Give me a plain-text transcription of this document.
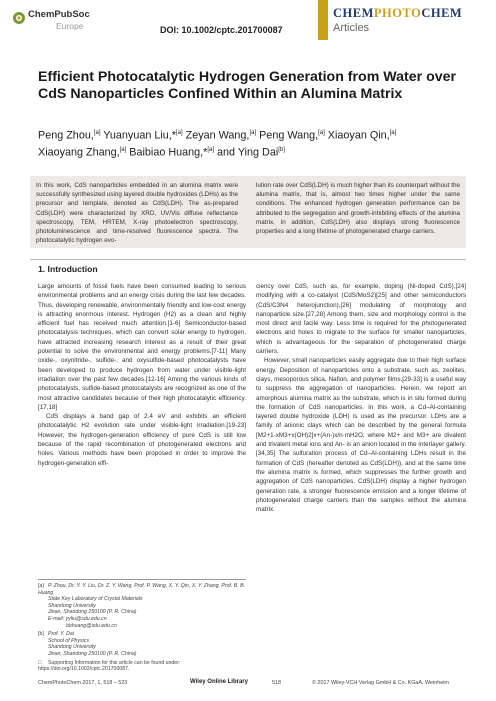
ChemPubSoc
Europe	DOI: 10.1002/cptc.201700087
CHEMPHOTOCHEM
Articles
Efficient Photocatalytic Hydrogen Generation from Water over CdS Nanoparticles Confined Within an Alumina Matrix
Peng Zhou,[a] Yuanyuan Liu,*[a] Zeyan Wang,[a] Peng Wang,[a] Xiaoyan Qin,[a]
Xiaoyang Zhang,[a] Baibiao Huang,*[a] and Ying Dai[b]
In this work, CdS nanoparticles embedded in an alumina matrix were successfully synthesized using layered double hydroxides (LDHs) as the precursor and template, denoted as CdS(LDH). The as-prepared CdS(LDH) were characterized by XRD, UV/Vis diffuse reflectance spectroscopy, TEM, HRTEM, X-ray photoelectron spectroscopy, photoluminescence and time-resolved fluorescence spectra. The photocatalytic hydrogen evo-
lution rate over CdS(LDH) is much higher than its counterpart without the alumina matrix, that is, almost two times higher under the same conditions. The enhanced hydrogen generation performance can be attributed to the segregation and growth-inhibiting effects of the alumina matrix. In addition, CdS(LDH) also displays strong fluorescence properties and a long lifetime of photogenerated charge carriers.
1. Introduction

Large amounts of fossil fuels have been consumed leading to serious environmental problems and an energy crisis during the last few decades. Thus, developing renewable, environmentally friendly and low-cost energy is attracting enormous interest. Hydrogen (H2) as a clean and highly efficient fuel has received much attention.[1-6] Semiconductor-based photocatalysis techniques, which can convert solar energy to hydrogen, have attracted increasing research interest as a result of their great potential to solve the environmental and energy problems.[7-11] Many oxide-, oxynitride-, sulfide-, and oxysulfide-based photocatalysts have been developed to produce hydrogen from water under visible-light irradiation over the past few decades.[12-16] Among the various kinds of photocatalysts, sulfide-based photocatalysts are recognized as one of the most attractive candidates because of their high photocatalytic efficiency.[17,18]

CdS displays a band gap of 2.4 eV and exhibits an efficient photocatalytic H2 evolution rate under visible-light irradiation.[19-23] However, the hydrogen-generation efficiency of pure CdS is still low because of the rapid recombination of photogenerated electrons and holes. Various methods have been proposed in order to improve the hydrogen-generation effi-

ciency over CdS, such as, for example, doping (Ni-doped CdS),[24] modifying with a co-catalyst (CdS/MoS2)[25] and other semiconductors (CdS/C3N4 heterojunction),[26] modulating of morphology and nanoparticle size.[27,28] Among them, size and morphology control is the most direct and facile way. Less time is required for the photogenerated electrons and holes to migrate to the surface for smaller nanoparticles, which is advantageous for the separation of photogenerated charge carriers.

However, small nanoparticles easily aggregate due to their high surface energy. Deposition of nanoparticles onto a substrate, such as, zeolites, clays, mesoporous silica, Nafion, and polymer films,[29-33] is a useful way to suppress the aggregation of nanoparticles. Herein, we report an amorphous alumina matrix as the substrate, which is in situ formed during the formation of CdS nanoparticles. In this work, a Cd–Al-containing layered double hydroxide (LDH) is used as the precursor. LDHs are a family of anionic clays which can be described by the general formula [M2+1-xM3+x(OH)2]x+(An-)x/n·mH2O, where M2+ and M3+ are divalent and trivalent metal ions and An- is an anion located in the interlayer gallery.[34,35] The sulfuration process of Cd–Al-containing LDHs result in the formation of CdS (hereafter denoted as CdS(LDH)), and at the same time the alumina matrix is formed, which suppresses the further growth and aggregation of CdS nanoparticles. CdS(LDH) display a higher hydrogen generation rate, a stronger fluorescence emission and a longer lifetime of photogenerated charge carriers than the samples without the alumina matrix.

[a] P. Zhou, Dr. Y. Y. Liu, Dr. Z. Y. Wang, Prof. P. Wang, X. Y. Qin, X. Y. Zhang, Prof. B. B. Huang
State Key Laboratory of Crystal Materials
Shandong University
Jinan, Shandong 250100 (P. R. China)
E-mail: yyliu@sdu.edu.cn
bbhuang@sdu.edu.cn
[b] Prof. Y. Dai
School of Physics
Shandong University
Jinan, Shandong 250100 (P. R. China)
□ Supporting Information for this article can be found under: https://doi.org/10.1002/cptc.201700087.
ChemPhotoChem 2017, 1, 518 – 523	Wiley Online Library	518	© 2017 Wiley-VCH Verlag GmbH & Co. KGaA, Weinheim
